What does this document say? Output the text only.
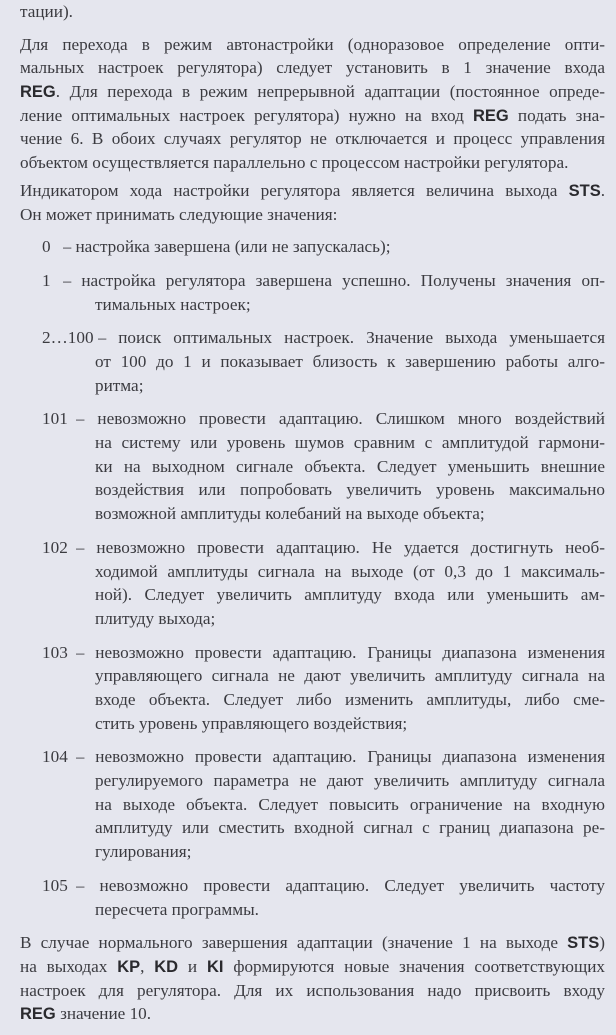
тации).
Для перехода в режим автонастройки (одноразовое определение опти-
мальных настроек регулятора) следует установить в 1 значение входа
REG. Для перехода в режим непрерывной адаптации (постоянное опреде-
ление оптимальных настроек регулятора) нужно на вход REG подать зна-
чение 6. В обоих случаях регулятор не отключается и процесс управления
объектом осуществляется параллельно с процессом настройки регулятора.
Индикатором хода настройки регулятора является величина выхода STS.
Он может принимать следующие значения:
0 – настройка завершена (или не запускалась);
1 – настройка регулятора завершена успешно. Получены значения оп-
тимальных настроек;
2…100 – поиск оптимальных настроек. Значение выхода уменьшается
от 100 до 1 и показывает близость к завершению работы алго-
ритма;
101 – невозможно провести адаптацию. Слишком много воздействий
на систему или уровень шумов сравним с амплитудой гармони-
ки на выходном сигнале объекта. Следует уменьшить внешние
воздействия или попробовать увеличить уровень максимально
возможной амплитуды колебаний на выходе объекта;
102 – невозможно провести адаптацию. Не удается достигнуть необ-
ходимой амплитуды сигнала на выходе (от 0,3 до 1 максималь-
ной). Следует увеличить амплитуду входа или уменьшить ам-
плитуду выхода;
103 – невозможно провести адаптацию. Границы диапазона изменения
управляющего сигнала не дают увеличить амплитуду сигнала на
входе объекта. Следует либо изменить амплитуды, либо сме-
стить уровень управляющего воздействия;
104 – невозможно провести адаптацию. Границы диапазона изменения
регулируемого параметра не дают увеличить амплитуду сигнала
на выходе объекта. Следует повысить ограничение на входную
амплитуду или сместить входной сигнал с границ диапазона ре-
гулирования;
105 – невозможно провести адаптацию. Следует увеличить частоту
пересчета программы.
В случае нормального завершения адаптации (значение 1 на выходе STS)
на выходах KP, KD и KI формируются новые значения соответствующих
настроек для регулятора. Для их использования надо присвоить входу
REG значение 10.
